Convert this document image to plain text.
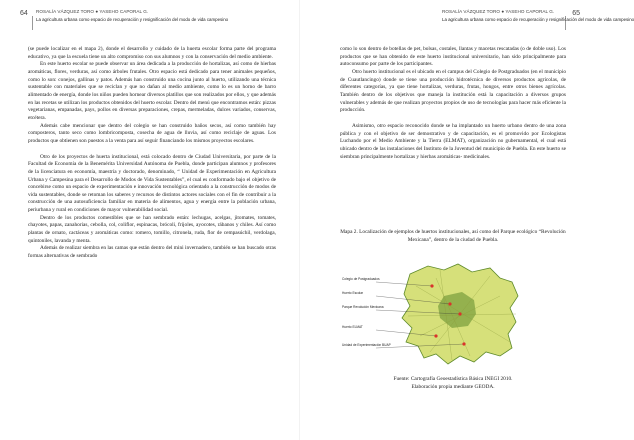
64 ROSALÍA VÁZQUEZ TORO ● YASEHO CAPORAL G.
La agricultura urbana como espacio de recuperación y resignificación del modo de vida campesino

(se puede localizar en el mapa 2), donde el desarrollo y cuidado de la huerta escolar forma parte del programa educativo, ya que la escuela tiene un alto compromiso con sus alumnos y con la conservación del medio ambiente.

En este huerto escolar se puede observar un área dedicada a la producción de hortalizas, así como de hierbas aromáticas, flores, verduras, así como árboles frutales. Otro espacio está dedicado para tener animales pequeños, como lo son: conejos, gallinas y patos. Además han construido una cocina junto al huerto, utilizando una técnica sustentable con materiales que se reciclan y que no dañan al medio ambiente, como lo es un horno de barro alimentado de energía, donde los niños pueden hornear diversos platillos que son realizados por ellos, y que además en las recetas se utilizan los productos obtenidos del huerto escolar. Dentro del menú que encontramos están: pizzas vegetarianas, empanadas, pays, pollos en diversas preparaciones, crepas, mermeladas, dulces variados, conservas, etcétera.

Además cabe mencionar que dentro del colegio se han construido baños secos, así como también hay composteros, tanto seco como lombricomposta, cosecha de agua de lluvia, así como reciclaje de aguas. Los productos que obtienen son puestos a la venta para así seguir financiando los mismos proyectos escolares.

Otro de los proyectos de huerta institucional, está colocado dentro de Ciudad Universitaria, por parte de la Facultad de Economía de la Benemérita Universidad Autónoma de Puebla, donde participan alumnos y profesores de la licenciatura en economía, maestría y doctorado, denominado, “ Unidad de Experimentación en Agricultura Urbana y Campesina para el Desarrollo de Modos de Vida Sustentables”, el cual es conformado bajo el objetivo de concebirse como un espacio de experimentación e innovación tecnológica orientado a la construcción de modos de vida sustentables, donde se retoman los saberes y recursos de distintos actores sociales con el fin de contribuir a la construcción de una autosuficiencia familiar en materia de alimentos, agua y energía entre la población urbana, periurbana y rural en condiciones de mayor vulnerabilidad social.

Dentro de los productos comestibles que se han sembrado están: lechugas, acelgas, jitomates, tomates, chayotes, papas, zanahorias, cebolla, col, coliflor, espinacas, brócoli, frijoles, ayocotes, rábanos y chiles. Así como plantas de ornato, cactáceas y aromáticas como: romero, tomillo, citronela, ruda, flor de cempasúchil, verdolaga, quintoniles, lavanda y menta.

Además de realizar siembra en las camas que están dentro del mini invernadero, también se han buscado otras formas alternativas de sembrado

65
ROSALÍA VÁZQUEZ TORO ● YASEHO CAPORAL G.
La agricultura urbana como espacio de recuperación y resignificación del modo de vida campesino

como lo son dentro de botellas de pet, bolsas, costales, llantas y macetas rescatadas (o de doble uso). Los productos que se han obtenido de este huerto institucional universitario, han sido principalmente para autoconsumo por parte de los participantes.

Otro huerto institucional es el ubicado en el campus del Colegio de Postgraduados (en el municipio de Cuautlancingo) donde se tiene una producción hidrotécnica de diversos productos agrícolas, de diferentes categorías, ya que tiene hortalizas, verduras, frutas, hongos, entre otros bienes agrícolas. También dentro de los objetivos que maneja la institución está la capacitación a diversos grupos vulnerables y además de que realizan proyectos propios de uso de tecnologías para hacer más eficiente la producción.

Asimismo, otro espacio reconocido donde se ha implantado un huerto urbano dentro de una zona pública y con el objetivo de ser demostrativo y de capacitación, es el promovido por Ecologistas Luchando por el Medio Ambiente y la Tierra (ELMAT), organización no gubernamental, el cual está ubicado dentro de las instalaciones del Instituto de la Juventud del municipio de Puebla. En este huerto se siembran principalmente hortalizas y hierbas aromáticas- medicinales.

Mapa 2. Localización de ejemplos de huertos institucionales, así como del Parque ecológico “Revolución Mexicana”, dentro de la ciudad de Puebla.
Colegio de Postgraduados
Huerto Escolar
Parque Revolución Mexicana
Huerto ELMAT
Unidad de Experimentación BUAP
Fuente: Cartografía Geoestadística Básica INEGI 2010.
Elaboración propia mediante GEODA.
